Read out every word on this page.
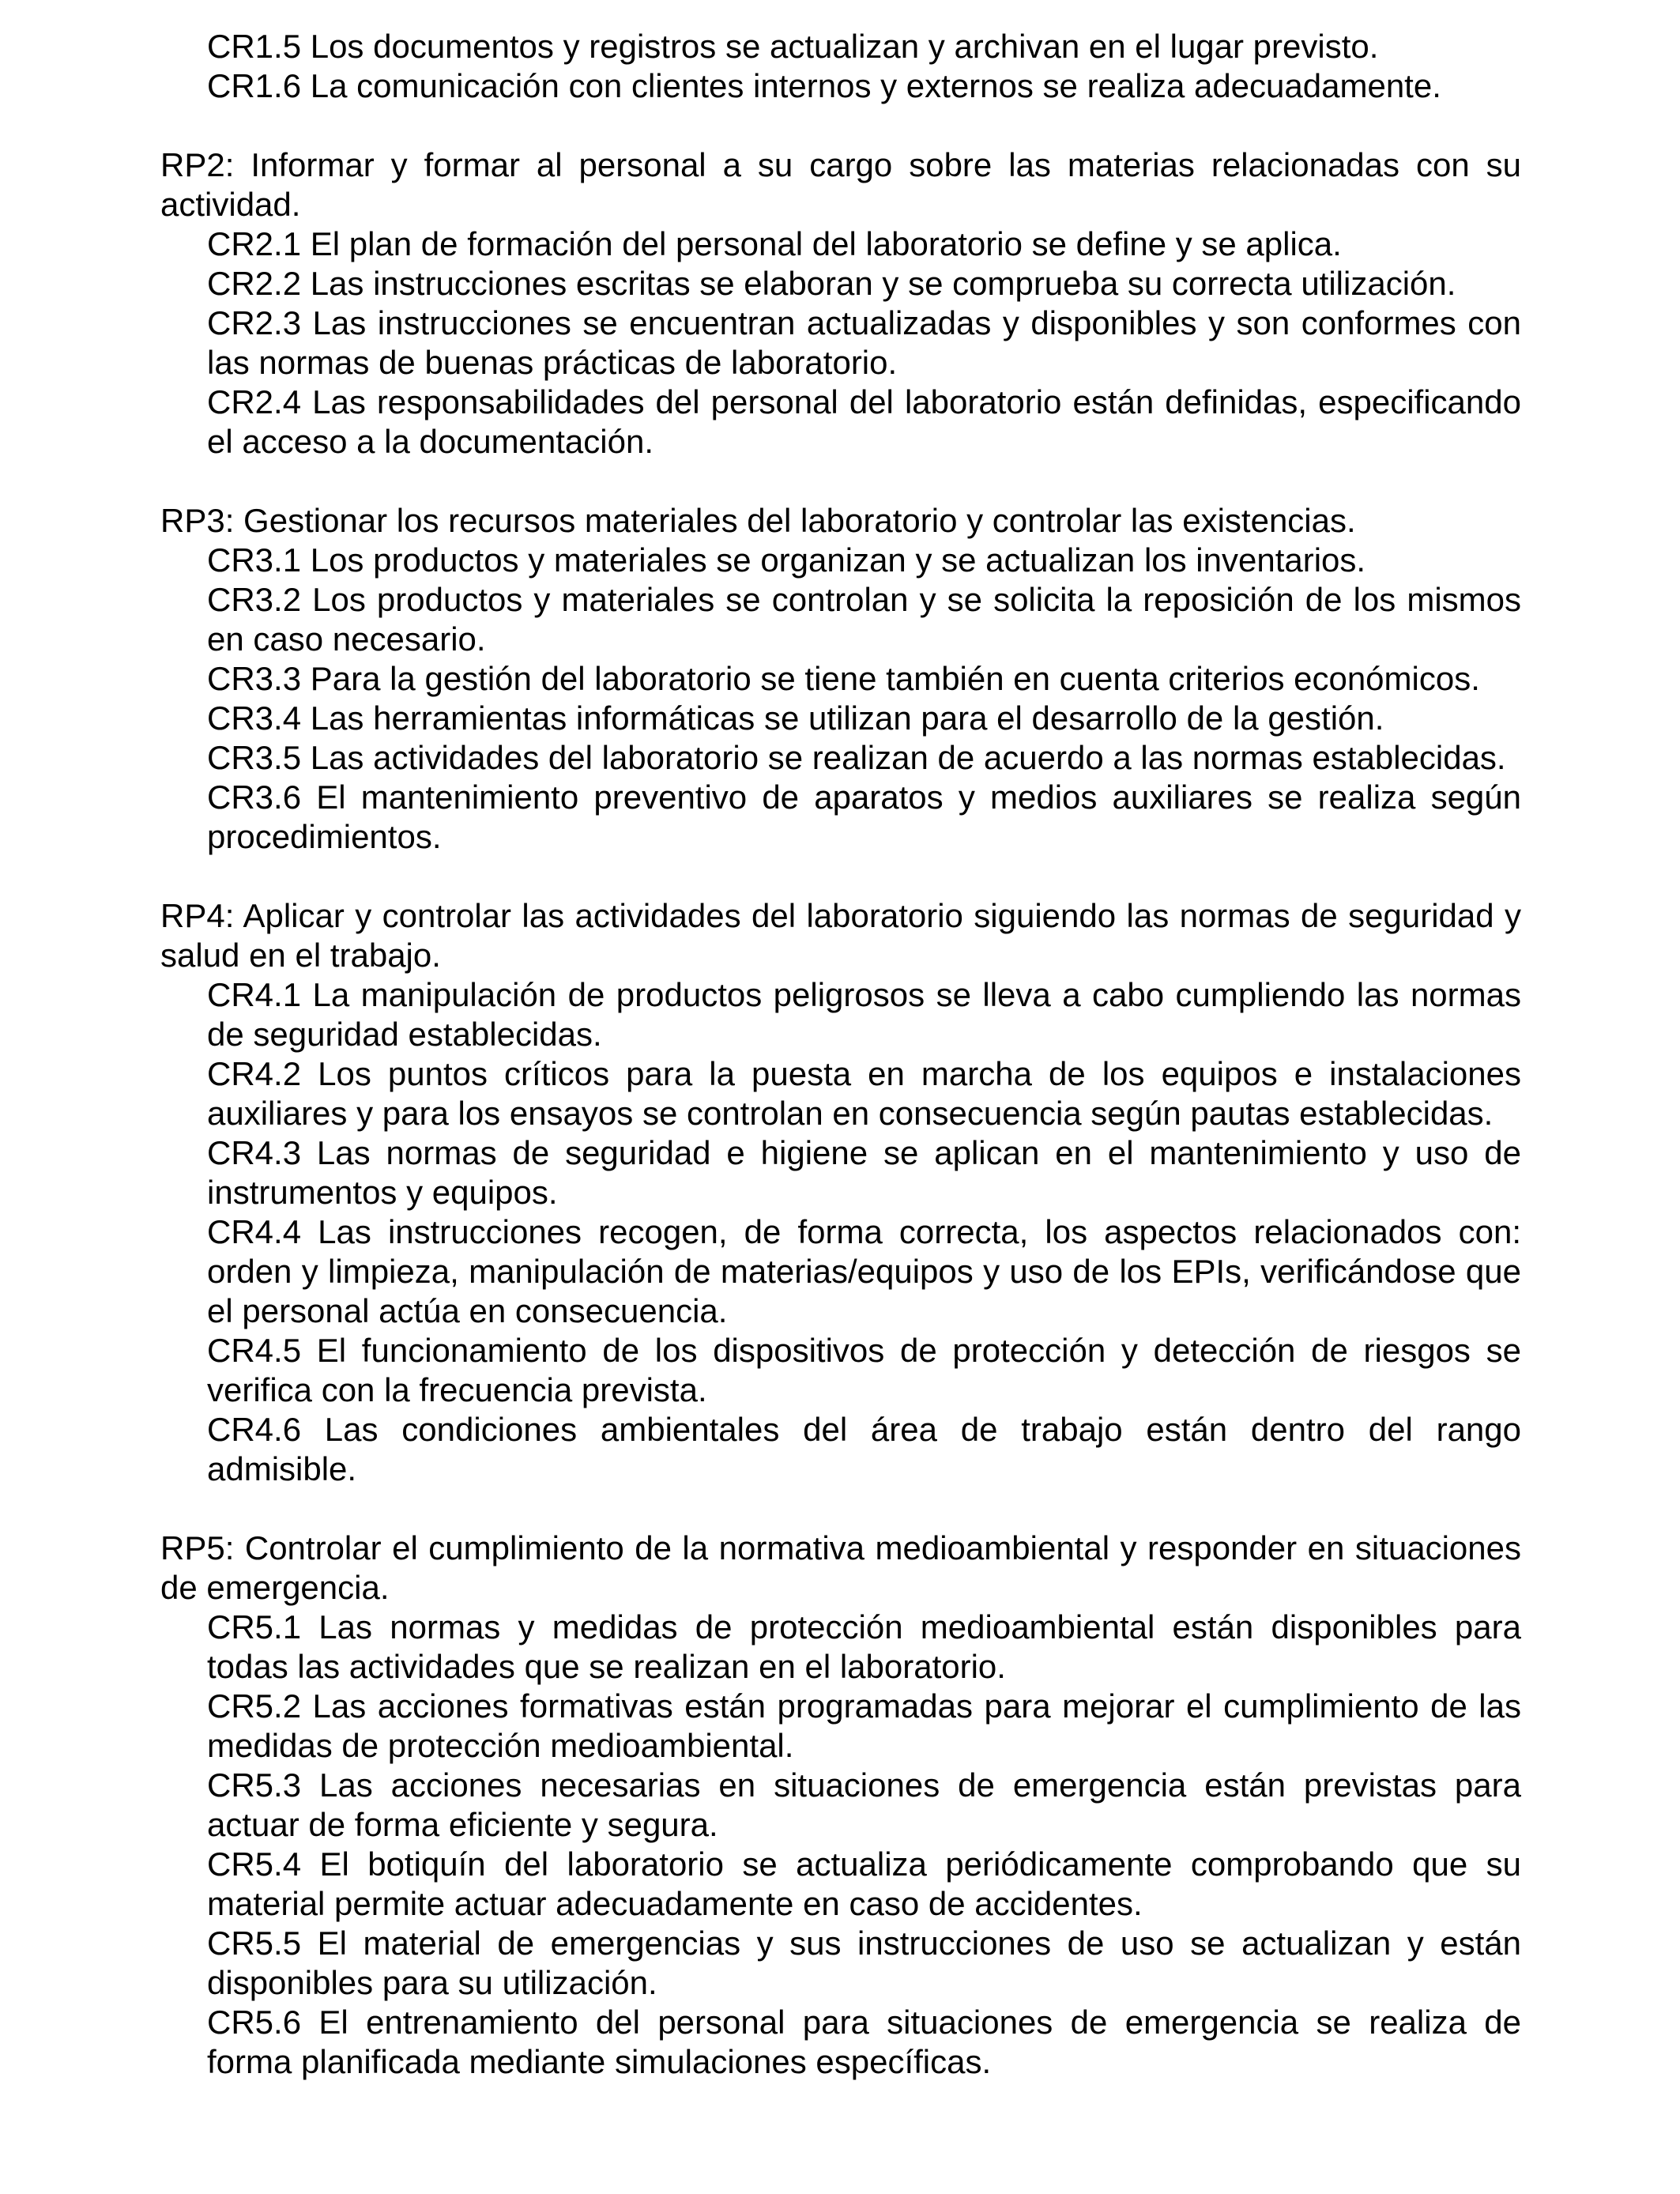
CR1.5 Los documentos y registros se actualizan y archivan en el lugar previsto.

CR1.6 La comunicación con clientes internos y externos se realiza adecuadamente.

RP2: Informar y formar al personal a su cargo sobre las materias relacionadas con su actividad.

CR2.1 El plan de formación del personal del laboratorio se define y se aplica.

CR2.2 Las instrucciones escritas se elaboran y se comprueba su correcta utilización.

CR2.3 Las instrucciones se encuentran actualizadas y disponibles y son conformes con las normas de buenas prácticas de laboratorio.

CR2.4 Las responsabilidades del personal del laboratorio están definidas, especificando el acceso a la documentación.

RP3: Gestionar los recursos materiales del laboratorio y controlar las existencias.

CR3.1 Los productos y materiales se organizan y se actualizan los inventarios.

CR3.2 Los productos y materiales se controlan y se solicita la reposición de los mismos en caso necesario.

CR3.3 Para la gestión del laboratorio se tiene también en cuenta criterios económicos.

CR3.4 Las herramientas informáticas se utilizan para el desarrollo de la gestión.

CR3.5 Las actividades del laboratorio se realizan de acuerdo a las normas establecidas.

CR3.6 El mantenimiento preventivo de aparatos y medios auxiliares se realiza según procedimientos.

RP4: Aplicar y controlar las actividades del laboratorio siguiendo las normas de seguridad y salud en el trabajo.

CR4.1 La manipulación de productos peligrosos se lleva a cabo cumpliendo las normas de seguridad establecidas.

CR4.2 Los puntos críticos para la puesta en marcha de los equipos e instalaciones auxiliares y para los ensayos se controlan en consecuencia según pautas establecidas.

CR4.3 Las normas de seguridad e higiene se aplican en el mantenimiento y uso de instrumentos y equipos.

CR4.4 Las instrucciones recogen, de forma correcta, los aspectos relacionados con: orden y limpieza, manipulación de materias/equipos y uso de los EPIs, verificándose que el personal actúa en consecuencia.

CR4.5 El funcionamiento de los dispositivos de protección y detección de riesgos se verifica con la frecuencia prevista.

CR4.6 Las condiciones ambientales del área de trabajo están dentro del rango admisible.

RP5: Controlar el cumplimiento de la normativa medioambiental y responder en situaciones de emergencia.

CR5.1 Las normas y medidas de protección medioambiental están disponibles para todas las actividades que se realizan en el laboratorio.

CR5.2 Las acciones formativas están programadas para mejorar el cumplimiento de las medidas de protección medioambiental.

CR5.3 Las acciones necesarias en situaciones de emergencia están previstas para actuar de forma eficiente y segura.

CR5.4 El botiquín del laboratorio se actualiza periódicamente comprobando que su material permite actuar adecuadamente en caso de accidentes.

CR5.5 El material de emergencias y sus instrucciones de uso se actualizan y están disponibles para su utilización.

CR5.6 El entrenamiento del personal para situaciones de emergencia se realiza de forma planificada mediante simulaciones específicas.
